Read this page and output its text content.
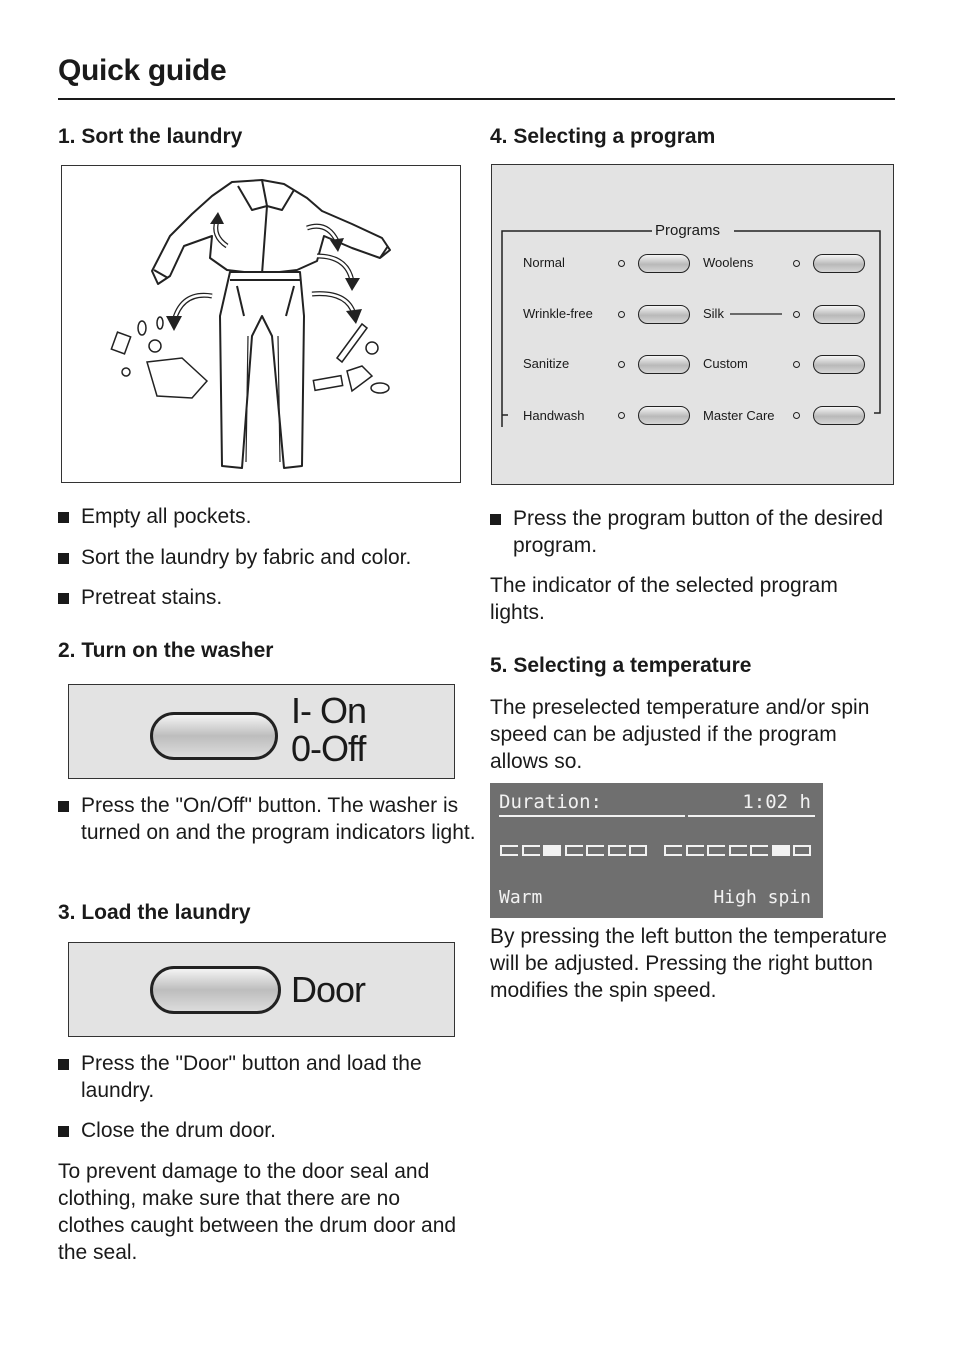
Quick guide
1. Sort the laundry
Empty all pockets.
Sort the laundry by fabric and color.
Pretreat stains.
2. Turn on the washer
I- On
0-Off
Press the "On/Off" button. The washer is turned on and the program indicators light.
3. Load the laundry
Door
Press the "Door" button and load the laundry.
Close the drum door.
To prevent damage to the door seal and clothing, make sure that there are no clothes caught between the drum door and the seal.
4. Selecting a program
Programs
Normal
Wrinkle-free
Sanitize
Handwash
Woolens
Silk
Custom
Master Care
Press the program button of the desired program.
The indicator of the selected program lights.
5. Selecting a temperature
The preselected temperature and/or spin speed can be adjusted if the program allows so.
Duration:	1:02 h
Warm	High spin
By pressing the left button the temperature will be adjusted. Pressing the right button modifies the spin speed.
